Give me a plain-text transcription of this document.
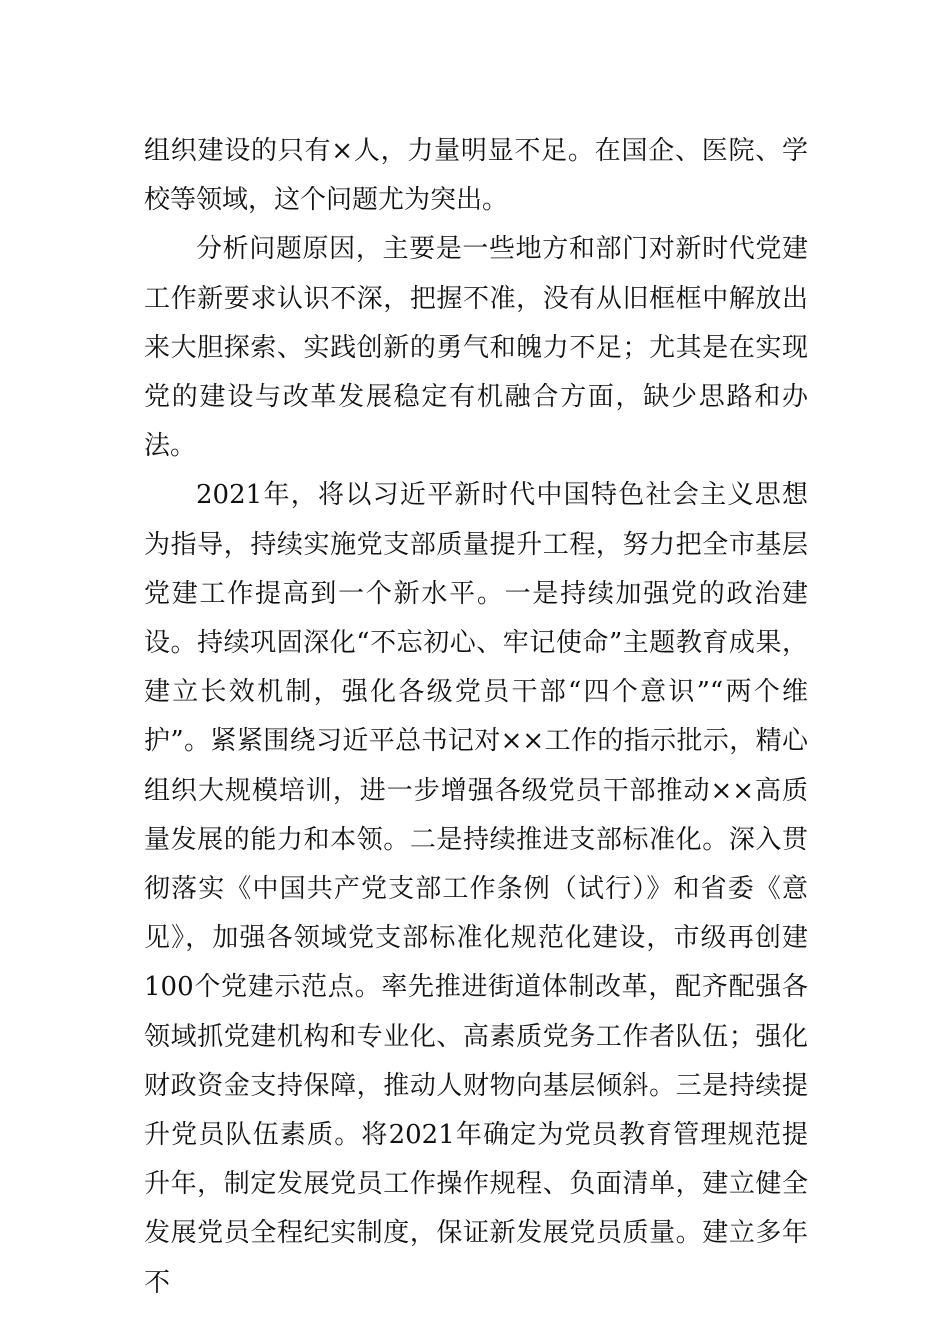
组织建设的只有×人，力量明显不足。在国企、医院、学校等领域，这个问题尤为突出。

分析问题原因，主要是一些地方和部门对新时代党建工作新要求认识不深，把握不准，没有从旧框框中解放出来大胆探索、实践创新的勇气和魄力不足；尤其是在实现党的建设与改革发展稳定有机融合方面，缺少思路和办法。

2021年，将以习近平新时代中国特色社会主义思想为指导，持续实施党支部质量提升工程，努力把全市基层党建工作提高到一个新水平。一是持续加强党的政治建设。持续巩固深化“不忘初心、牢记使命”主题教育成果，建立长效机制，强化各级党员干部“四个意识”“两个维护”。紧紧围绕习近平总书记对××工作的指示批示，精心组织大规模培训，进一步增强各级党员干部推动××高质量发展的能力和本领。二是持续推进支部标准化。深入贯彻落实《中国共产党支部工作条例（试行）》和省委《意见》，加强各领域党支部标准化规范化建设，市级再创建100个党建示范点。率先推进街道体制改革，配齐配强各领域抓党建机构和专业化、高素质党务工作者队伍；强化财政资金支持保障，推动人财物向基层倾斜。三是持续提升党员队伍素质。将2021年确定为党员教育管理规范提升年，制定发展党员工作操作规程、负面清单，建立健全发展党员全程纪实制度，保证新发展党员质量。建立多年不
